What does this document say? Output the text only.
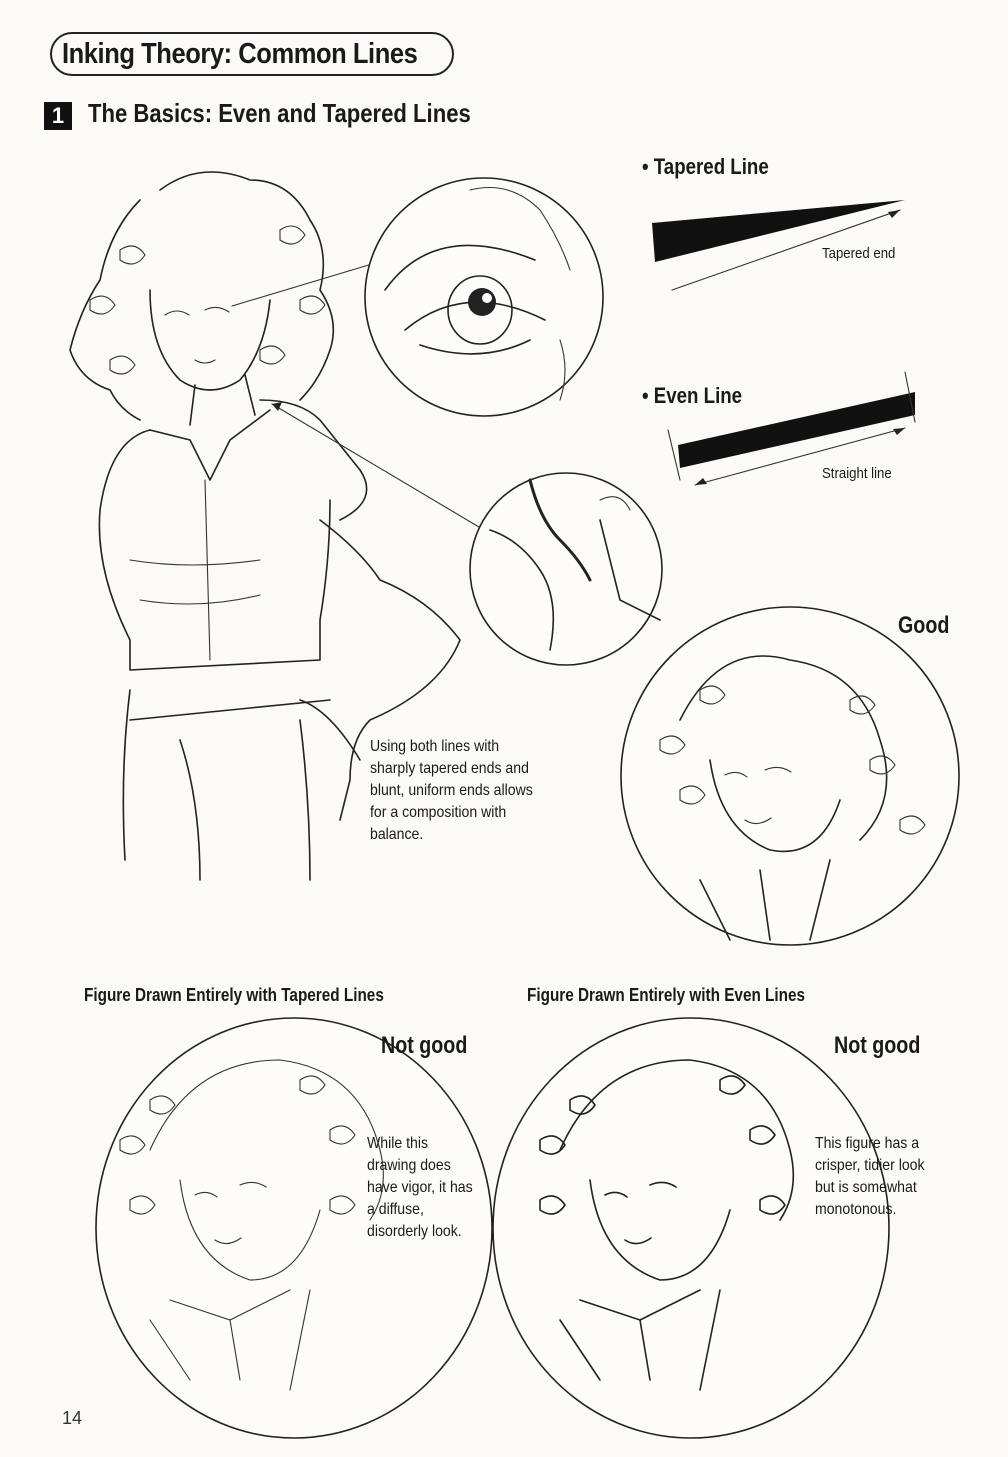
Inking Theory: Common Lines
1 The Basics: Even and Tapered Lines
• Tapered Line
Tapered end
• Even Line
Straight line
Good
Using both lines with sharply tapered ends and blunt, uniform ends allows for a composition with balance.
Figure Drawn Entirely with Tapered Lines	Figure Drawn Entirely with Even Lines
Not good	Not good
While this drawing does have vigor, it has a diffuse, disorderly look.
This figure has a crisper, tidier look but is somewhat monotonous.
14
